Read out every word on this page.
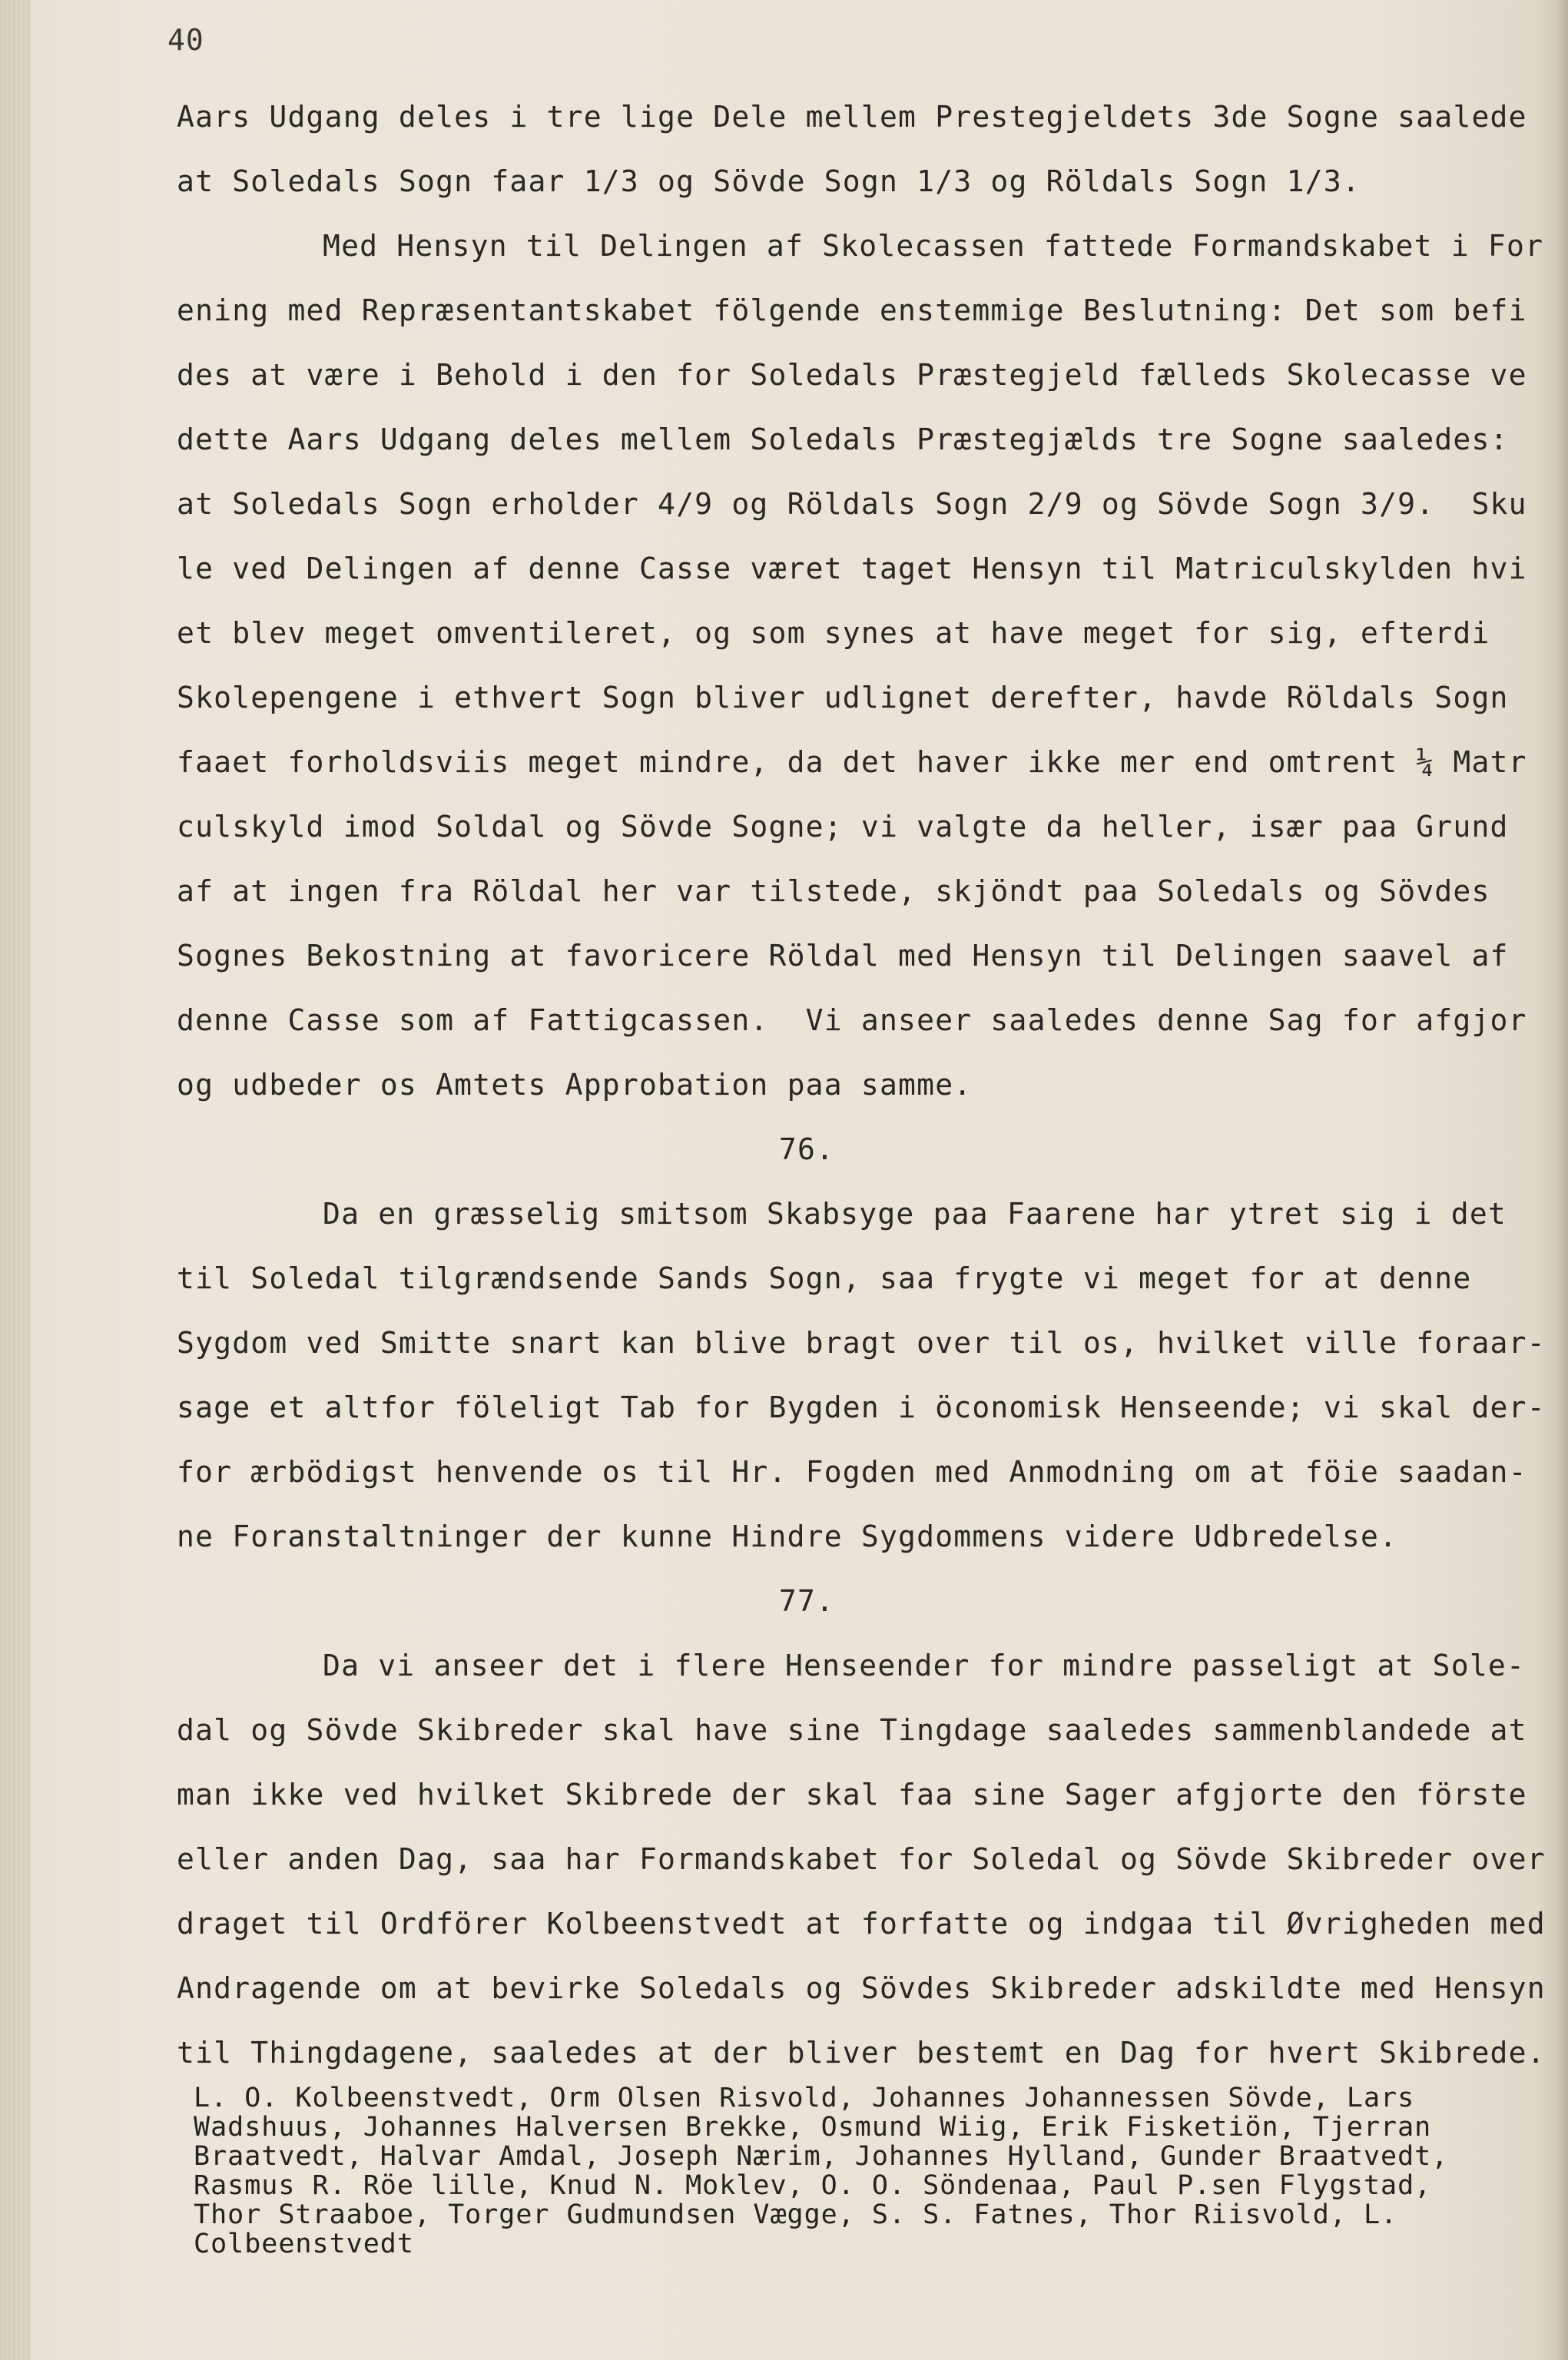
40
Aars Udgang deles i tre lige Dele mellem Prestegjeldets 3de Sogne saalede
at Soledals Sogn faar 1/3 og Sövde Sogn 1/3 og Röldals Sogn 1/3.
Med Hensyn til Delingen af Skolecassen fattede Formandskabet i For
ening med Repræsentantskabet fölgende enstemmige Beslutning: Det som befi
des at være i Behold i den for Soledals Præstegjeld fælleds Skolecasse ve
dette Aars Udgang deles mellem Soledals Præstegjælds tre Sogne saaledes:
at Soledals Sogn erholder 4/9 og Röldals Sogn 2/9 og Sövde Sogn 3/9.  Sku
le ved Delingen af denne Casse været taget Hensyn til Matriculskylden hvi
et blev meget omventileret, og som synes at have meget for sig, efterdi
Skolepengene i ethvert Sogn bliver udlignet derefter, havde Röldals Sogn
faaet forholdsviis meget mindre, da det haver ikke mer end omtrent ¼ Matr
culskyld imod Soldal og Sövde Sogne; vi valgte da heller, især paa Grund
af at ingen fra Röldal her var tilstede, skjöndt paa Soledals og Sövdes
Sognes Bekostning at favoricere Röldal med Hensyn til Delingen saavel af
denne Casse som af Fattigcassen.  Vi anseer saaledes denne Sag for afgjor
og udbeder os Amtets Approbation paa samme.
76.
Da en græsselig smitsom Skabsyge paa Faarene har ytret sig i det
til Soledal tilgrændsende Sands Sogn, saa frygte vi meget for at denne
Sygdom ved Smitte snart kan blive bragt over til os, hvilket ville foraar-
sage et altfor föleligt Tab for Bygden i öconomisk Henseende; vi skal der-
for ærbödigst henvende os til Hr. Fogden med Anmodning om at föie saadan-
ne Foranstaltninger der kunne Hindre Sygdommens videre Udbredelse.
77.
Da vi anseer det i flere Henseender for mindre passeligt at Sole-
dal og Sövde Skibreder skal have sine Tingdage saaledes sammenblandede at
man ikke ved hvilket Skibrede der skal faa sine Sager afgjorte den förste
eller anden Dag, saa har Formandskabet for Soledal og Sövde Skibreder over
draget til Ordförer Kolbeenstvedt at forfatte og indgaa til Øvrigheden med
Andragende om at bevirke Soledals og Sövdes Skibreder adskildte med Hensyn
til Thingdagene, saaledes at der bliver bestemt en Dag for hvert Skibrede.
L. O. Kolbeenstvedt, Orm Olsen Risvold, Johannes Johannessen Sövde, Lars
Wadshuus, Johannes Halversen Brekke, Osmund Wiig, Erik Fisketiön, Tjerran
Braatvedt, Halvar Amdal, Joseph Nærim, Johannes Hylland, Gunder Braatvedt,
Rasmus R. Röe lille, Knud N. Moklev, O. O. Söndenaa, Paul P.sen Flygstad,
Thor Straaboe, Torger Gudmundsen Vægge, S. S. Fatnes, Thor Riisvold, L.
Colbeenstvedt
